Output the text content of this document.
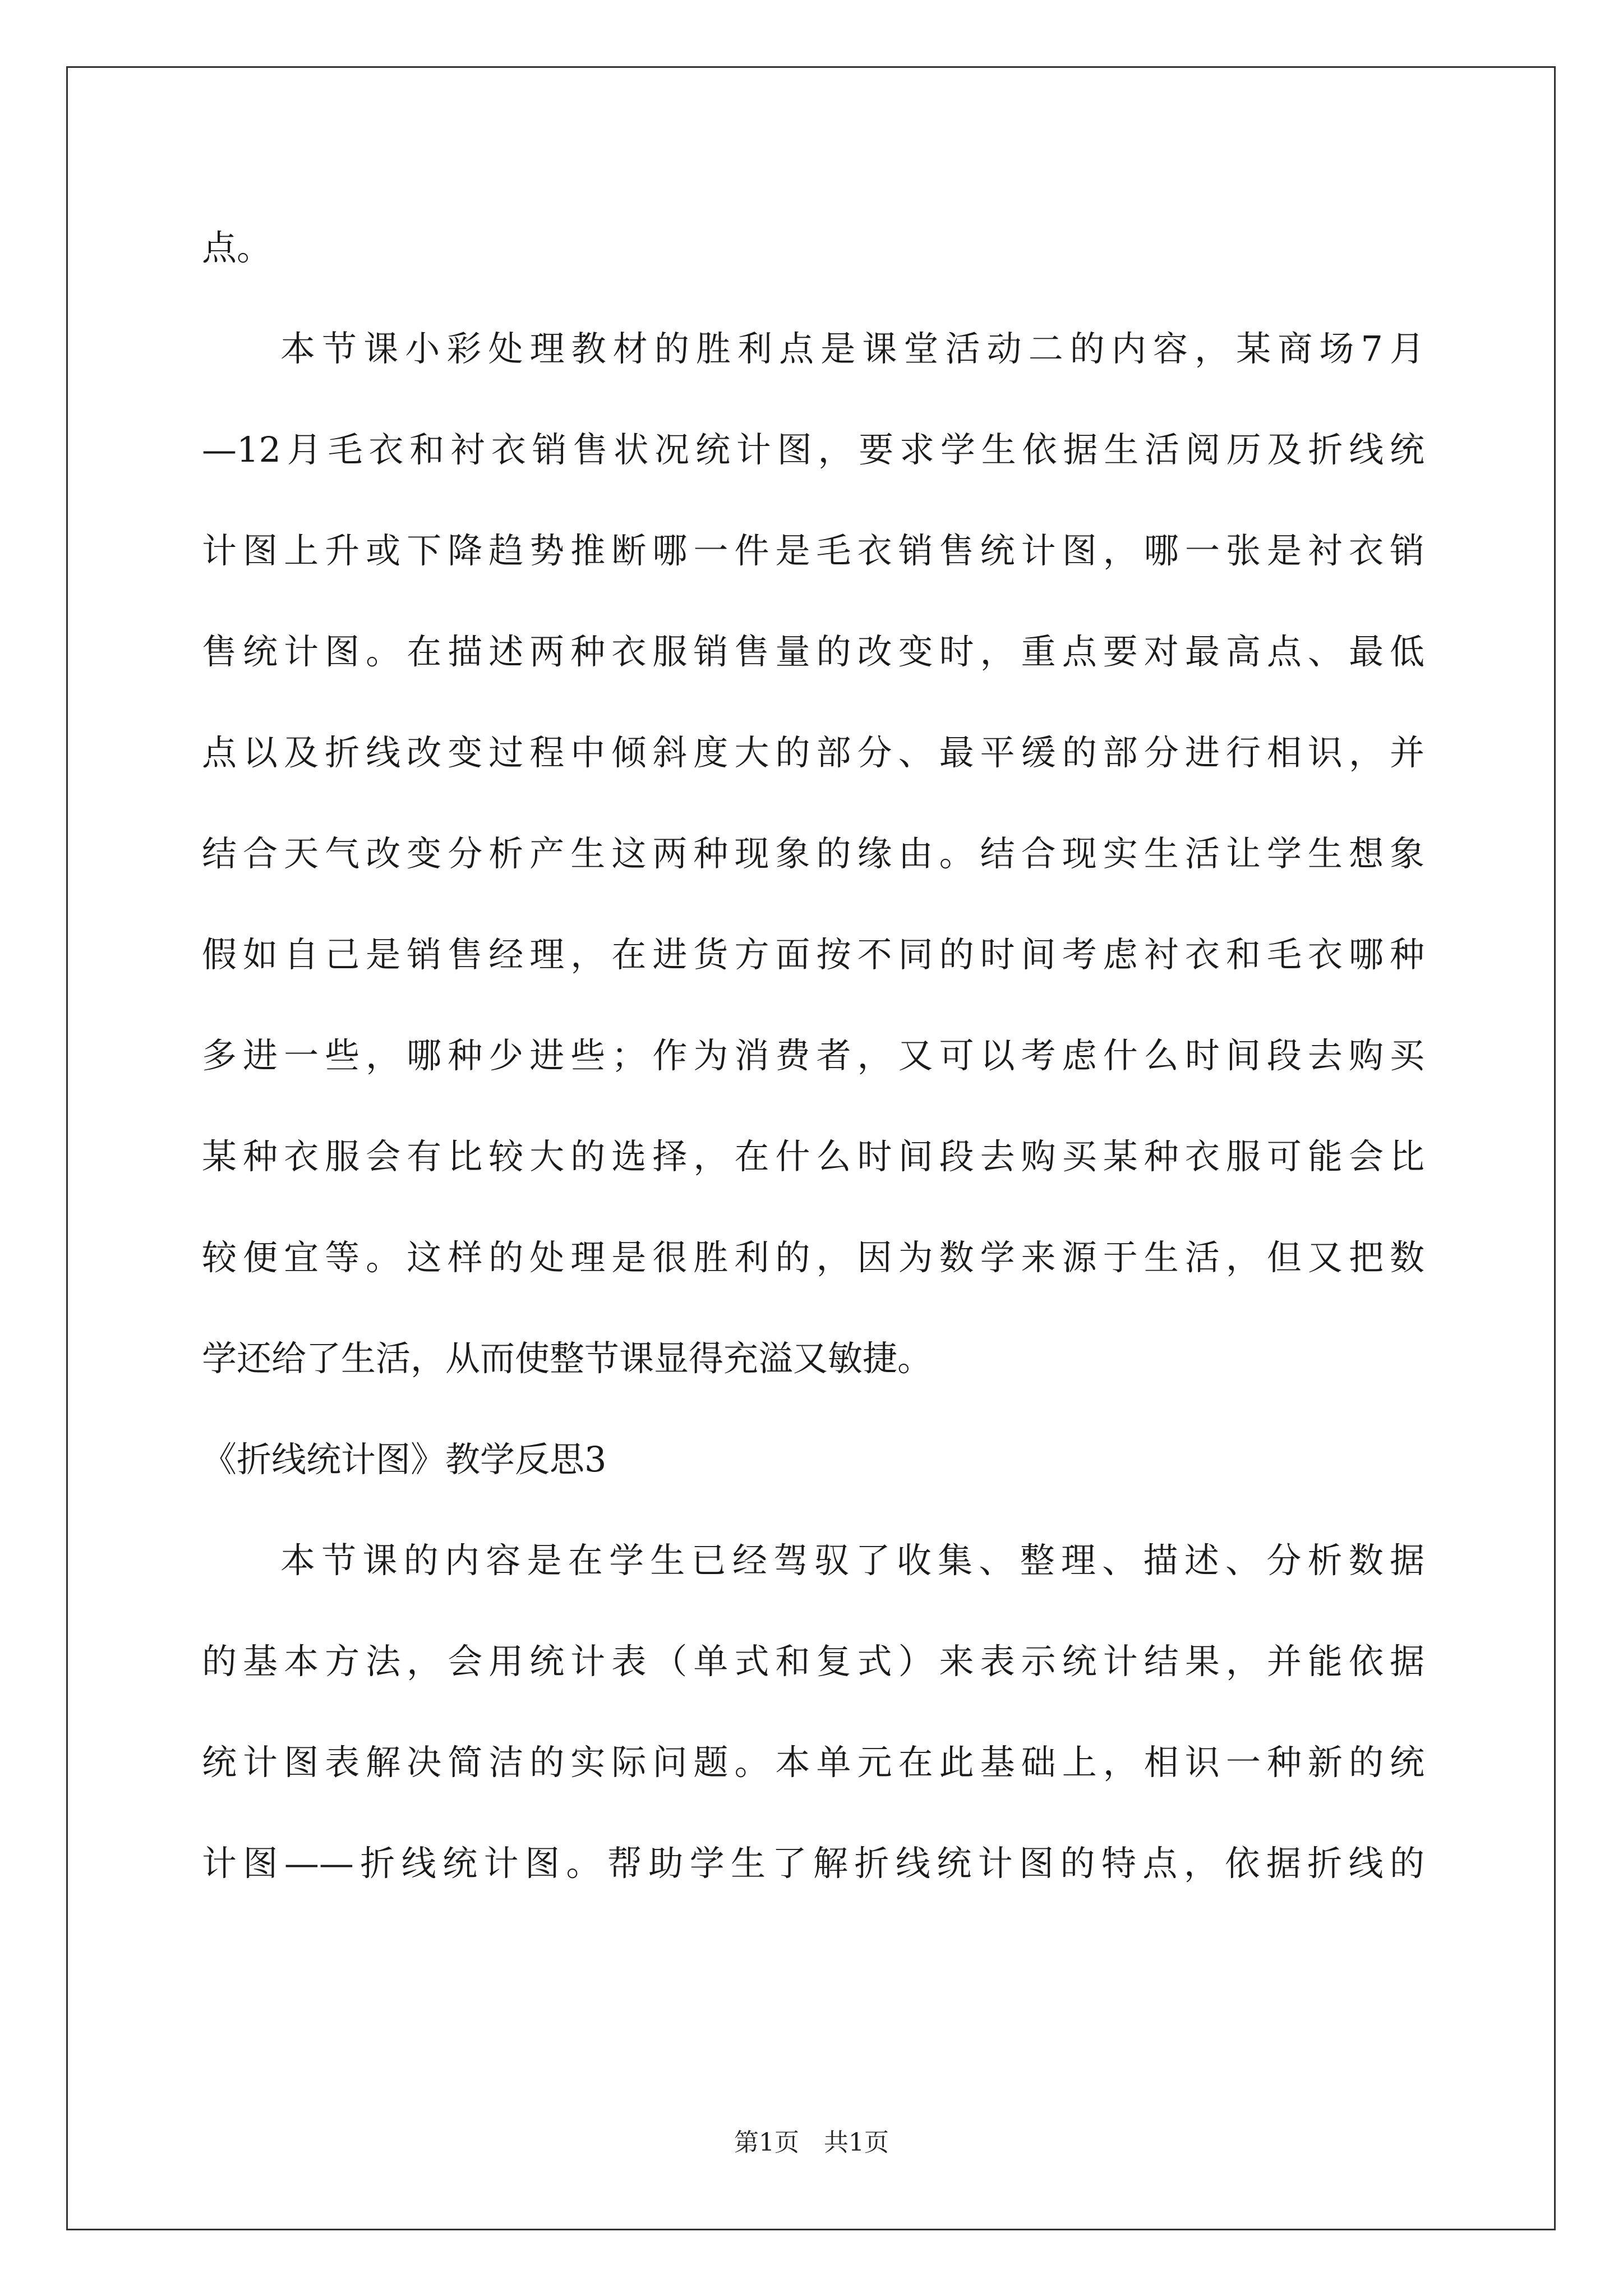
点。
本节课小彩处理教材的胜利点是课堂活动二的内容，某商场7月
—12月毛衣和衬衣销售状况统计图，要求学生依据生活阅历及折线统
计图上升或下降趋势推断哪一件是毛衣销售统计图，哪一张是衬衣销
售统计图。在描述两种衣服销售量的改变时，重点要对最高点、最低
点以及折线改变过程中倾斜度大的部分、最平缓的部分进行相识，并
结合天气改变分析产生这两种现象的缘由。结合现实生活让学生想象
假如自己是销售经理，在进货方面按不同的时间考虑衬衣和毛衣哪种
多进一些，哪种少进些；作为消费者，又可以考虑什么时间段去购买
某种衣服会有比较大的选择，在什么时间段去购买某种衣服可能会比
较便宜等。这样的处理是很胜利的，因为数学来源于生活，但又把数
学还给了生活，从而使整节课显得充溢又敏捷。
《折线统计图》教学反思3
本节课的内容是在学生已经驾驭了收集、整理、描述、分析数据
的基本方法，会用统计表（单式和复式）来表示统计结果，并能依据
统计图表解决简洁的实际问题。本单元在此基础上，相识一种新的统
计图——折线统计图。帮助学生了解折线统计图的特点，依据折线的
第1页　共1页
